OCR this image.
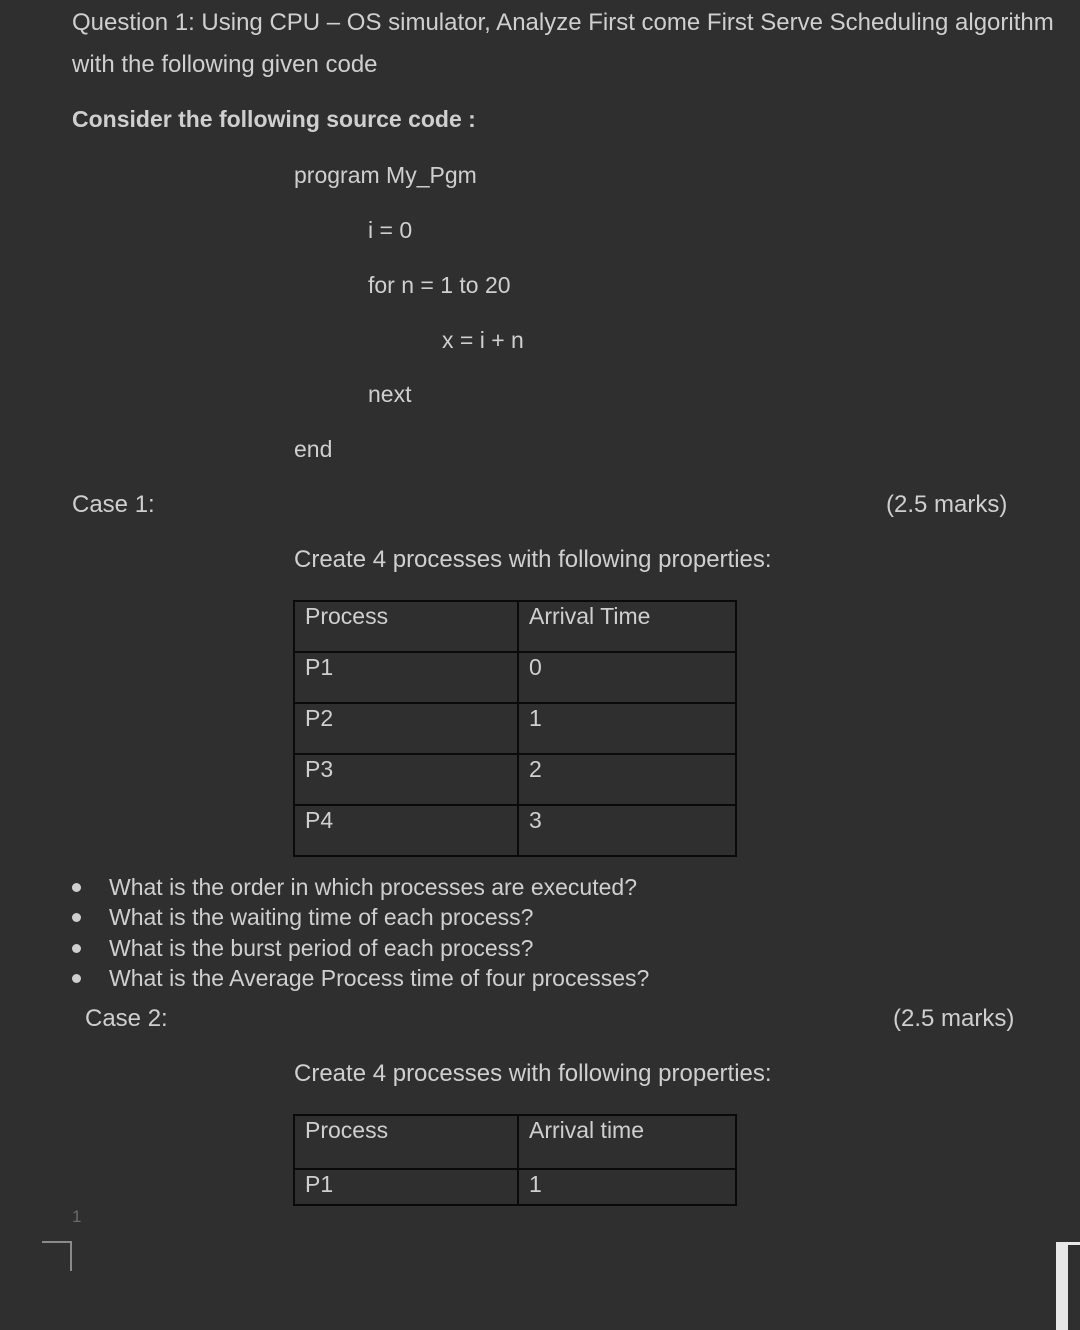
Question 1: Using CPU – OS simulator, Analyze First come First Serve Scheduling algorithm
with the following given code
Consider the following source code :
program My_Pgm
i = 0
for n = 1 to 20
x = i + n
next
end
Case 1:	(2.5 marks)
Create 4 processes with following properties:
Process	Arrival Time
P1	0
P2	1
P3	2
P4	3
What is the order in which processes are executed?
What is the waiting time of each process?
What is the burst period of each process?
What is the Average Process time of four processes?
Case 2:	(2.5 marks)
Create 4 processes with following properties:
Process	Arrival time
P1	1
1
